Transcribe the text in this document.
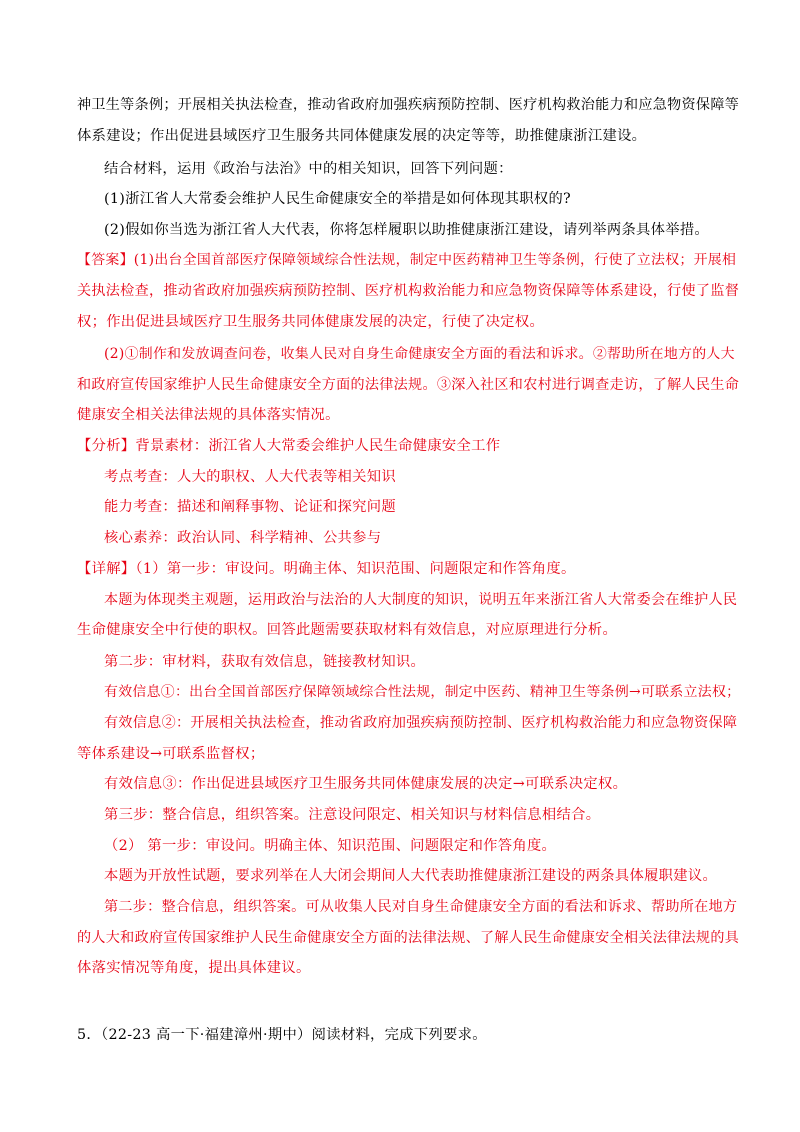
神卫生等条例；开展相关执法检查，推动省政府加强疾病预防控制、医疗机构救治能力和应急物资保障等
体系建设；作出促进县域医疗卫生服务共同体健康发展的决定等等，助推健康浙江建设。
结合材料，运用《政治与法治》中的相关知识，回答下列问题：
(1)浙江省人大常委会维护人民生命健康安全的举措是如何体现其职权的?
(2)假如你当选为浙江省人大代表，你将怎样履职以助推健康浙江建设，请列举两条具体举措。
【答案】(1)出台全国首部医疗保障领域综合性法规，制定中医药精神卫生等条例，行使了立法权；开展相
关执法检查，推动省政府加强疾病预防控制、医疗机构救治能力和应急物资保障等体系建设，行使了监督
权；作出促进县域医疗卫生服务共同体健康发展的决定，行使了决定权。
(2)①制作和发放调查问卷，收集人民对自身生命健康安全方面的看法和诉求。②帮助所在地方的人大
和政府宣传国家维护人民生命健康安全方面的法律法规。③深入社区和农村进行调查走访，了解人民生命
健康安全相关法律法规的具体落实情况。
【分析】背景素材：浙江省人大常委会维护人民生命健康安全工作
考点考查：人大的职权、人大代表等相关知识
能力考查：描述和阐释事物、论证和探究问题
核心素养：政治认同、科学精神、公共参与
【详解】（1）第一步：审设问。明确主体、知识范围、问题限定和作答角度。
本题为体现类主观题，运用政治与法治的人大制度的知识，说明五年来浙江省人大常委会在维护人民
生命健康安全中行使的职权。回答此题需要获取材料有效信息，对应原理进行分析。
第二步：审材料，获取有效信息，链接教材知识。
有效信息①：出台全国首部医疗保障领域综合性法规，制定中医药、精神卫生等条例→可联系立法权；
有效信息②：开展相关执法检查，推动省政府加强疾病预防控制、医疗机构救治能力和应急物资保障
等体系建设→可联系监督权；
有效信息③：作出促进县域医疗卫生服务共同体健康发展的决定→可联系决定权。
第三步：整合信息，组织答案。注意设问限定、相关知识与材料信息相结合。
（2） 第一步：审设问。明确主体、知识范围、问题限定和作答角度。
本题为开放性试题，要求列举在人大闭会期间人大代表助推健康浙江建设的两条具体履职建议。
第二步：整合信息，组织答案。可从收集人民对自身生命健康安全方面的看法和诉求、帮助所在地方
的人大和政府宣传国家维护人民生命健康安全方面的法律法规、了解人民生命健康安全相关法律法规的具
体落实情况等角度，提出具体建议。
5．（22-23 高一下·福建漳州·期中）阅读材料，完成下列要求。
